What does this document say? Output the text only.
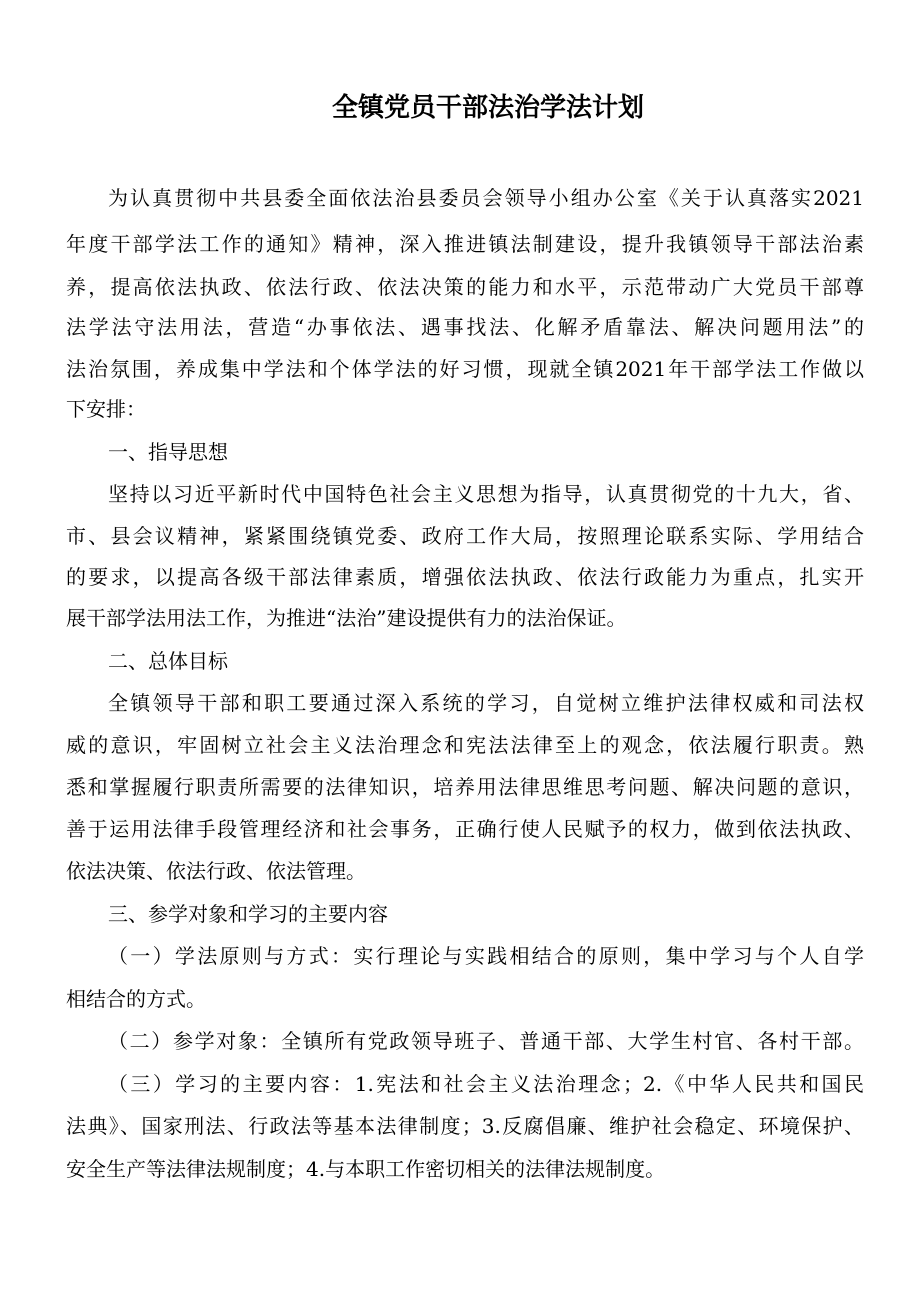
全镇党员干部法治学法计划

为认真贯彻中共县委全面依法治县委员会领导小组办公室《关于认真落实2021

年度干部学法工作的通知》精神，深入推进镇法制建设，提升我镇领导干部法治素

养，提高依法执政、依法行政、依法决策的能力和水平，示范带动广大党员干部尊

法学法守法用法，营造“办事依法、遇事找法、化解矛盾靠法、解决问题用法”的

法治氛围，养成集中学法和个体学法的好习惯，现就全镇2021年干部学法工作做以

下安排：

一、指导思想

坚持以习近平新时代中国特色社会主义思想为指导，认真贯彻党的十九大，省、

市、县会议精神，紧紧围绕镇党委、政府工作大局，按照理论联系实际、学用结合

的要求，以提高各级干部法律素质，增强依法执政、依法行政能力为重点，扎实开

展干部学法用法工作，为推进“法治”建设提供有力的法治保证。

二、总体目标

全镇领导干部和职工要通过深入系统的学习，自觉树立维护法律权威和司法权

威的意识，牢固树立社会主义法治理念和宪法法律至上的观念，依法履行职责。熟

悉和掌握履行职责所需要的法律知识，培养用法律思维思考问题、解决问题的意识，

善于运用法律手段管理经济和社会事务，正确行使人民赋予的权力，做到依法执政、

依法决策、依法行政、依法管理。

三、参学对象和学习的主要内容

（一）学法原则与方式：实行理论与实践相结合的原则，集中学习与个人自学

相结合的方式。

（二）参学对象：全镇所有党政领导班子、普通干部、大学生村官、各村干部。

（三）学习的主要内容：1.宪法和社会主义法治理念；2.《中华人民共和国民

法典》、国家刑法、行政法等基本法律制度；3.反腐倡廉、维护社会稳定、环境保护、

安全生产等法律法规制度；4.与本职工作密切相关的法律法规制度。
